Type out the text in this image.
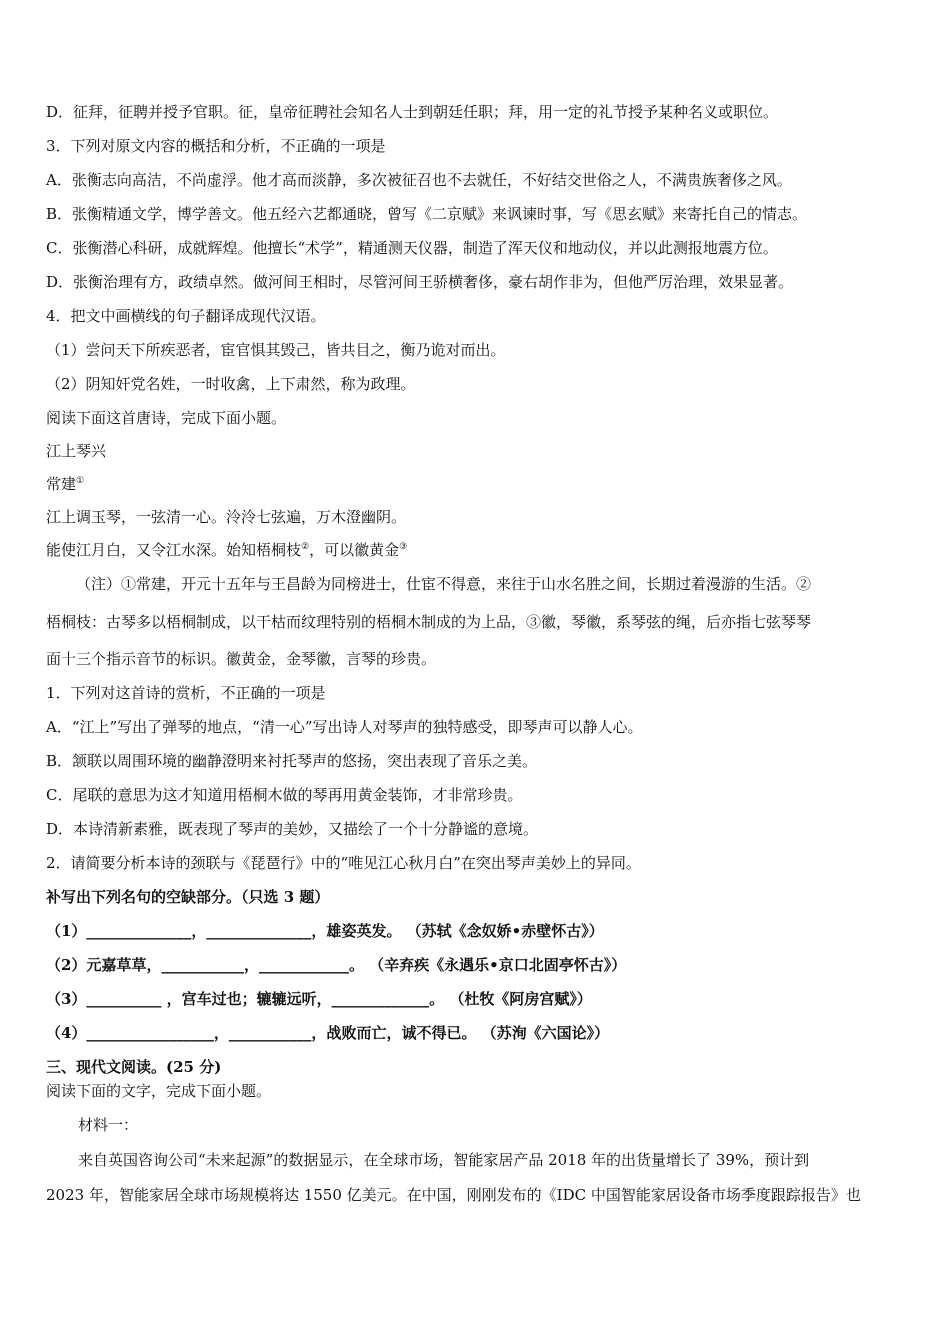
D．征拜，征聘并授予官职。征，皇帝征聘社会知名人士到朝廷任职；拜，用一定的礼节授予某种名义或职位。
3．下列对原文内容的概括和分析，不正确的一项是
A．张衡志向高洁，不尚虚浮。他才高而淡静，多次被征召也不去就任，不好结交世俗之人，不满贵族奢侈之风。
B．张衡精通文学，博学善文。他五经六艺都通晓，曾写《二京赋》来讽谏时事，写《思玄赋》来寄托自己的情志。
C．张衡潜心科研，成就辉煌。他擅长“术学”，精通测天仪器，制造了浑天仪和地动仪，并以此测报地震方位。
D．张衡治理有方，政绩卓然。做河间王相时，尽管河间王骄横奢侈，豪右胡作非为，但他严厉治理，效果显著。
4．把文中画横线的句子翻译成现代汉语。
（1）尝问天下所疾恶者，宦官惧其毁己，皆共目之，衡乃诡对而出。
（2）阴知奸党名姓，一时收禽，上下肃然，称为政理。
阅读下面这首唐诗，完成下面小题。
江上琴兴
常建①
江上调玉琴，一弦清一心。泠泠七弦遍，万木澄幽阴。
能使江月白，又令江水深。始知梧桐枝②，可以徽黄金③
（注）①常建，开元十五年与王昌龄为同榜进士，仕宦不得意，来往于山水名胜之间，长期过着漫游的生活。②
梧桐枝：古琴多以梧桐制成，以干枯而纹理特别的梧桐木制成的为上品，③徽，琴徽，系琴弦的绳，后亦指七弦琴琴
面十三个指示音节的标识。徽黄金，金琴徽，言琴的珍贵。
1．下列对这首诗的赏析，不正确的一项是
A．“江上”写出了弹琴的地点，“清一心”写出诗人对琴声的独特感受，即琴声可以静人心。
B．颔联以周围环境的幽静澄明来衬托琴声的悠扬，突出表现了音乐之美。
C．尾联的意思为这才知道用梧桐木做的琴再用黄金装饰，才非常珍贵。
D．本诗清新素雅，既表现了琴声的美妙，又描绘了一个十分静谧的意境。
2．请简要分析本诗的颈联与《琵琶行》中的“唯见江心秋月白”在突出琴声美妙上的异同。
补写出下列名句的空缺部分。（只选 3 题）
（1）______________，______________，雄姿英发。 （苏轼《念奴娇•赤壁怀古》）
（2）元嘉草草，___________，____________。 （辛弃疾《永遇乐•京口北固亭怀古》）
（3）__________ ，宫车过也；辘辘远听，_____________。 （杜牧《阿房宫赋》）
（4）_________________，___________，战败而亡，诚不得已。 （苏洵《六国论》）
三、现代文阅读。(25 分)
阅读下面的文字，完成下面小题。
材料一：
来自英国咨询公司“未来起源”的数据显示，在全球市场，智能家居产品 2018 年的出货量增长了 39%，预计到
2023 年，智能家居全球市场规模将达 1550 亿美元。在中国，刚刚发布的《IDC 中国智能家居设备市场季度跟踪报告》也
